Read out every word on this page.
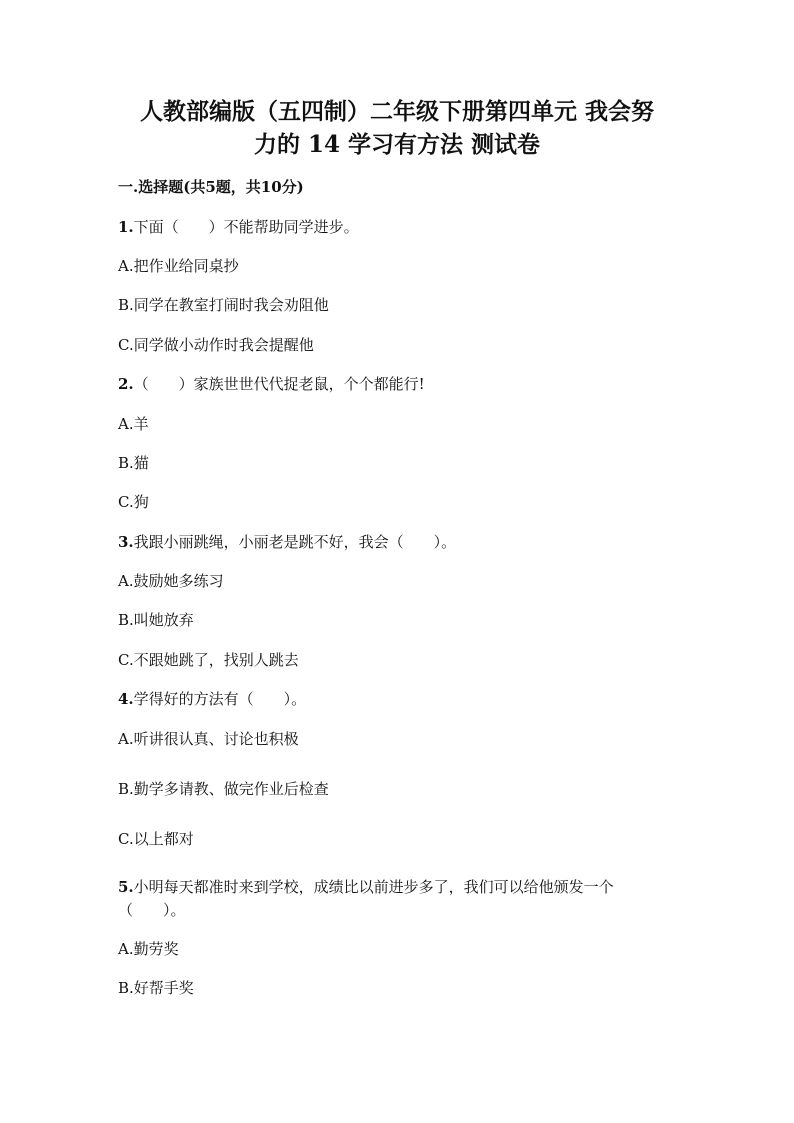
人教部编版（五四制）二年级下册第四单元 我会努
力的 14 学习有方法 测试卷
一.选择题(共5题，共10分)
1.下面（　　）不能帮助同学进步。
A.把作业给同桌抄
B.同学在教室打闹时我会劝阻他
C.同学做小动作时我会提醒他
2.（　　）家族世世代代捉老鼠，个个都能行!
A.羊
B.猫
C.狗
3.我跟小丽跳绳，小丽老是跳不好，我会（　　）。
A.鼓励她多练习
B.叫她放弃
C.不跟她跳了，找别人跳去
4.学得好的方法有（　　）。
A.听讲很认真、讨论也积极
B.勤学多请教、做完作业后检查
C.以上都对
5.小明每天都准时来到学校，成绩比以前进步多了，我们可以给他颁发一个
（　　）。
A.勤劳奖
B.好帮手奖
